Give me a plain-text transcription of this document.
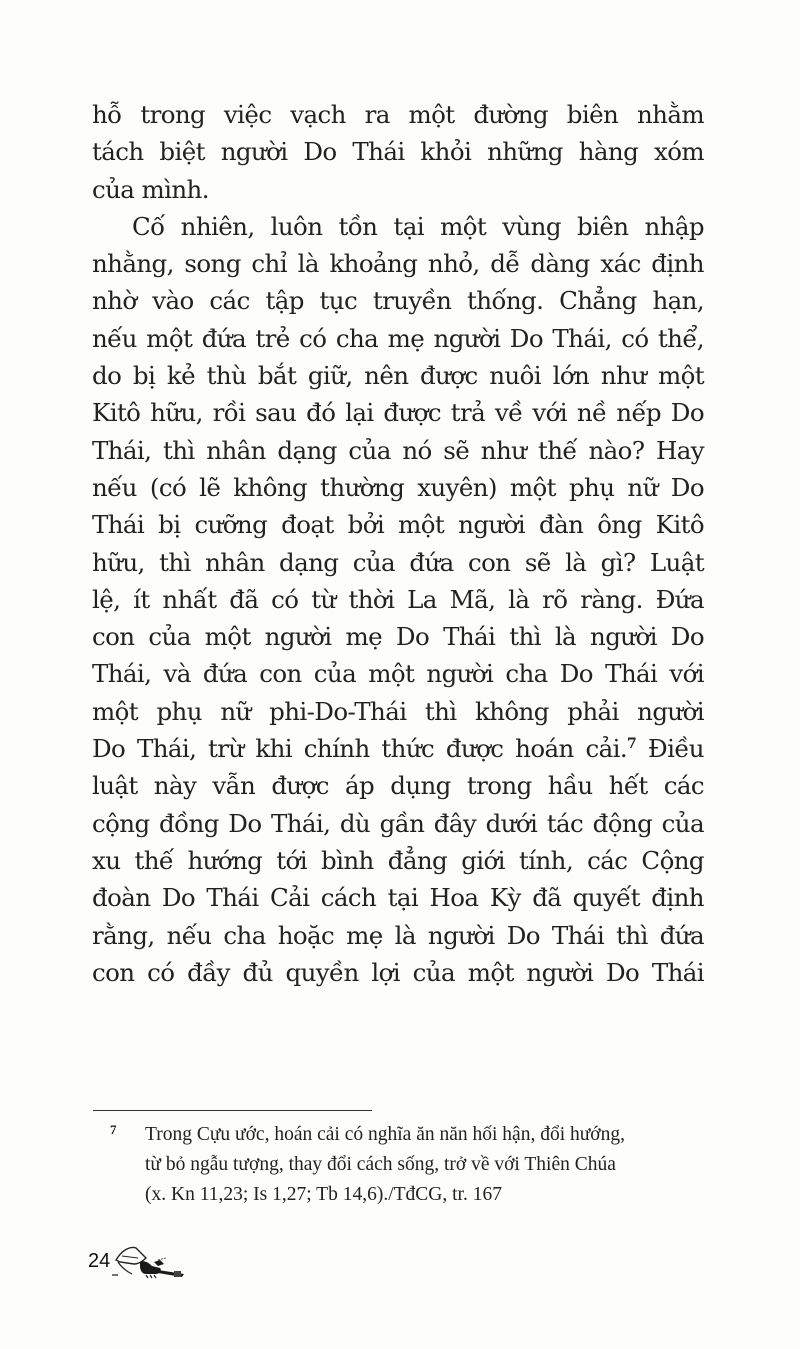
hỗ trong việc vạch ra một đường biên nhằm
tách biệt người Do Thái khỏi những hàng xóm
của mình.
Cố nhiên, luôn tồn tại một vùng biên nhập
nhằng, song chỉ là khoảng nhỏ, dễ dàng xác định
nhờ vào các tập tục truyền thống. Chẳng hạn,
nếu một đứa trẻ có cha mẹ người Do Thái, có thể,
do bị kẻ thù bắt giữ, nên được nuôi lớn như một
Kitô hữu, rồi sau đó lại được trả về với nề nếp Do
Thái, thì nhân dạng của nó sẽ như thế nào? Hay
nếu (có lẽ không thường xuyên) một phụ nữ Do
Thái bị cưỡng đoạt bởi một người đàn ông Kitô
hữu, thì nhân dạng của đứa con sẽ là gì? Luật
lệ, ít nhất đã có từ thời La Mã, là rõ ràng. Đứa
con của một người mẹ Do Thái thì là người Do
Thái, và đứa con của một người cha Do Thái với
một phụ nữ phi-Do-Thái thì không phải người
Do Thái, trừ khi chính thức được hoán cải.$^7$ Điều
luật này vẫn được áp dụng trong hầu hết các
cộng đồng Do Thái, dù gần đây dưới tác động của
xu thế hướng tới bình đẳng giới tính, các Cộng
đoàn Do Thái Cải cách tại Hoa Kỳ đã quyết định
rằng, nếu cha hoặc mẹ là người Do Thái thì đứa
con có đầy đủ quyền lợi của một người Do Thái
7 Trong Cựu ước, hoán cải có nghĩa ăn năn hối hận, đổi hướng,
từ bỏ ngẫu tượng, thay đổi cách sống, trở về với Thiên Chúa
(x. Kn 11,23; Is 1,27; Tb 14,6)./TđCG, tr. 167
24
